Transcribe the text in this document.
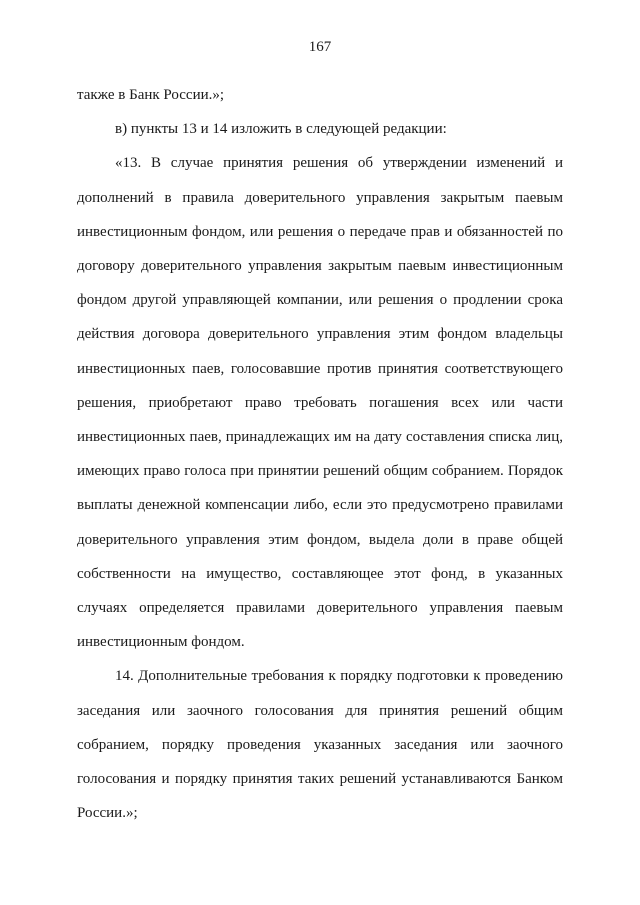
167

также в Банк России.»;

в) пункты 13 и 14 изложить в следующей редакции:

«13. В случае принятия решения об утверждении изменений и дополнений в правила доверительного управления закрытым паевым инвестиционным фондом, или решения о передаче прав и обязанностей по договору доверительного управления закрытым паевым инвестиционным фондом другой управляющей компании, или решения о продлении срока действия договора доверительного управления этим фондом владельцы инвестиционных паев, голосовавшие против принятия соответствующего решения, приобретают право требовать погашения всех или части инвестиционных паев, принадлежащих им на дату составления списка лиц, имеющих право голоса при принятии решений общим собранием. Порядок выплаты денежной компенсации либо, если это предусмотрено правилами доверительного управления этим фондом, выдела доли в праве общей собственности на имущество, составляющее этот фонд, в указанных случаях определяется правилами доверительного управления паевым инвестиционным фондом.

14. Дополнительные требования к порядку подготовки к проведению заседания или заочного голосования для принятия решений общим собранием, порядку проведения указанных заседания или заочного голосования и порядку принятия таких решений устанавливаются Банком России.»;
